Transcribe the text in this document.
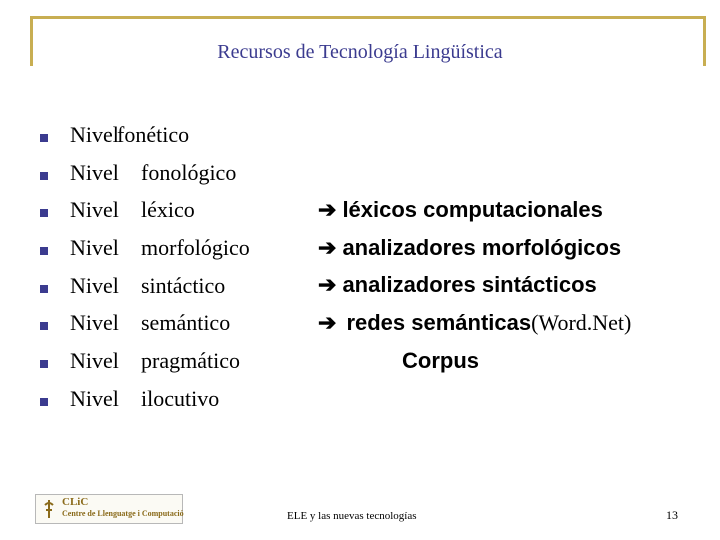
Recursos de Tecnología Lingüística
Nivel
fonético
Nivel fonológico
Nivel léxico
Nivel morfológico
Nivel sintáctico
Nivel semántico
Nivel pragmático
Nivel ilocutivo
➔ léxicos computacionales
➔ analizadores morfológicos
➔ analizadores sintácticos
➔ redes semánticas(Word.Net)
Corpus
CLiC
Centre de Llenguatge i Computació	ELE y las nuevas tecnologías	13
